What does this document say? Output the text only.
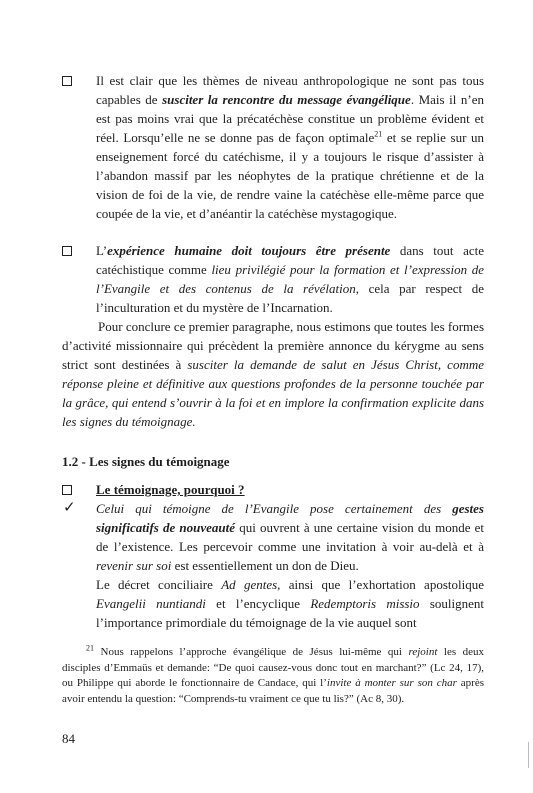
Il est clair que les thèmes de niveau anthropologique ne sont pas tous capables de susciter la rencontre du message évangélique. Mais il n’en est pas moins vrai que la précatéchèse constitue un problème évident et réel. Lorsqu’elle ne se donne pas de façon optimale$^{21}$ et se replie sur un enseignement forcé du catéchisme, il y a toujours le risque d’assister à l’abandon massif par les néophytes de la pratique chrétienne et de la vision de foi de la vie, de rendre vaine la catéchèse elle-même parce que coupée de la vie, et d’anéantir la catéchèse mystagogique.
L’expérience humaine doit toujours être présente dans tout acte catéchistique comme lieu privilégié pour la formation et l’expression de l’Evangile et des contenus de la révélation, cela par respect de l’inculturation et du mystère de l’Incarnation.
Pour conclure ce premier paragraphe, nous estimons que toutes les formes d’activité missionnaire qui précèdent la première annonce du kérygme au sens strict sont destinées à susciter la demande de salut en Jésus Christ, comme réponse pleine et définitive aux questions profondes de la personne touchée par la grâce, qui entend s’ouvrir à la foi et en implore la confirmation explicite dans les signes du témoignage.
1.2 - Les signes du témoignage
Le témoignage, pourquoi ?
✓ Celui qui témoigne de l’Evangile pose certainement des gestes significatifs de nouveauté qui ouvrent à une certaine vision du monde et de l’existence. Les percevoir comme une invitation à voir au-delà et à revenir sur soi est essentiellement un don de Dieu.
Le décret conciliaire Ad gentes, ainsi que l’exhortation apostolique Evangelii nuntiandi et l’encyclique Redemptoris missio soulignent l’importance primordiale du témoignage de la vie auquel sont
$^{21}$ Nous rappelons l’approche évangélique de Jésus lui-même qui rejoint les deux disciples d’Emmaüs et demande: “De quoi causez-vous donc tout en marchant?” (Lc 24, 17), ou Philippe qui aborde le fonctionnaire de Candace, qui l’invite à monter sur son char après avoir entendu la question: “Comprends-tu vraiment ce que tu lis?” (Ac 8, 30).
84
